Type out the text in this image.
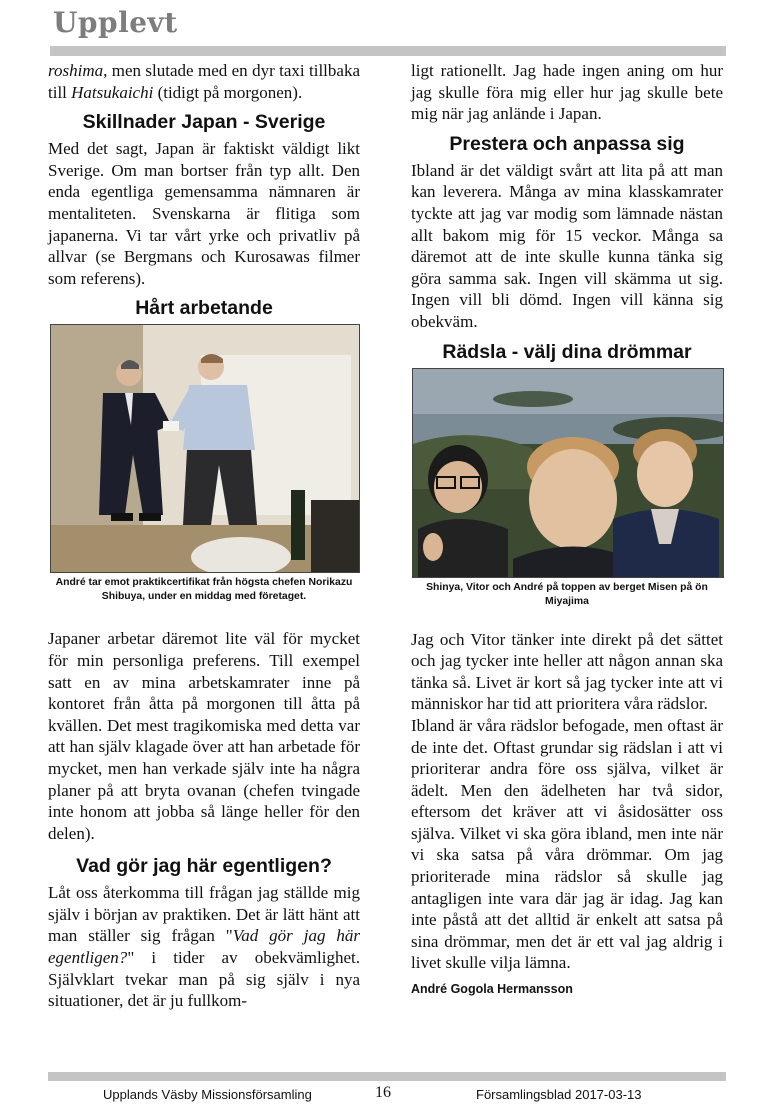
Upplevt

roshima, men slutade med en dyr taxi tillbaka till Hatsukaichi (tidigt på morgonen).

Skillnader Japan - Sverige

Med det sagt, Japan är faktiskt väldigt likt Sverige. Om man bortser från typ allt. Den enda egentliga gemensamma nämnaren är mentaliteten. Svenskarna är flitiga som japanerna. Vi tar vårt yrke och privatliv på allvar (se Bergmans och Kurosawas filmer som referens).

Hårt arbetande
André tar emot praktikcertifikat från högsta chefen Norikazu Shibuya, under en middag med företaget.

Japaner arbetar däremot lite väl för mycket för min personliga preferens. Till exempel satt en av mina arbetskamrater inne på kontoret från åtta på morgonen till åtta på kvällen. Det mest tragikomiska med detta var att han själv klagade över att han arbetade för mycket, men han verkade själv inte ha några planer på att bryta ovanan (chefen tvingade inte honom att jobba så länge heller för den delen).

Vad gör jag här egentligen?

Låt oss återkomma till frågan jag ställde mig själv i början av praktiken. Det är lätt hänt att man ställer sig frågan "Vad gör jag här egentligen?" i tider av obekvämlighet. Självklart tvekar man på sig själv i nya situationer, det är ju fullkom-

ligt rationellt. Jag hade ingen aning om hur jag skulle föra mig eller hur jag skulle bete mig när jag anlände i Japan.

Prestera och anpassa sig

Ibland är det väldigt svårt att lita på att man kan leverera. Många av mina klasskamrater tyckte att jag var modig som lämnade nästan allt bakom mig för 15 veckor. Många sa däremot att de inte skulle kunna tänka sig göra samma sak. Ingen vill skämma ut sig. Ingen vill bli dömd. Ingen vill känna sig obekväm.

Rädsla - välj dina drömmar
Shinya, Vitor och André på toppen av berget Misen på ön Miyajima

Jag och Vitor tänker inte direkt på det sättet och jag tycker inte heller att någon annan ska tänka så. Livet är kort så jag tycker inte att vi människor har tid att prioritera våra rädslor.

Ibland är våra rädslor befogade, men oftast är de inte det. Oftast grundar sig rädslan i att vi prioriterar andra före oss själva, vilket är ädelt. Men den ädelheten har två sidor, eftersom det kräver att vi åsidosätter oss själva. Vilket vi ska göra ibland, men inte när vi ska satsa på våra drömmar. Om jag prioriterade mina rädslor så skulle jag antagligen inte vara där jag är idag. Jag kan inte påstå att det alltid är enkelt att satsa på sina drömmar, men det är ett val jag aldrig i livet skulle vilja lämna.

André Gogola Hermansson
Upplands Väsby Missionsförsamling	16	Församlingsblad 2017-03-13
